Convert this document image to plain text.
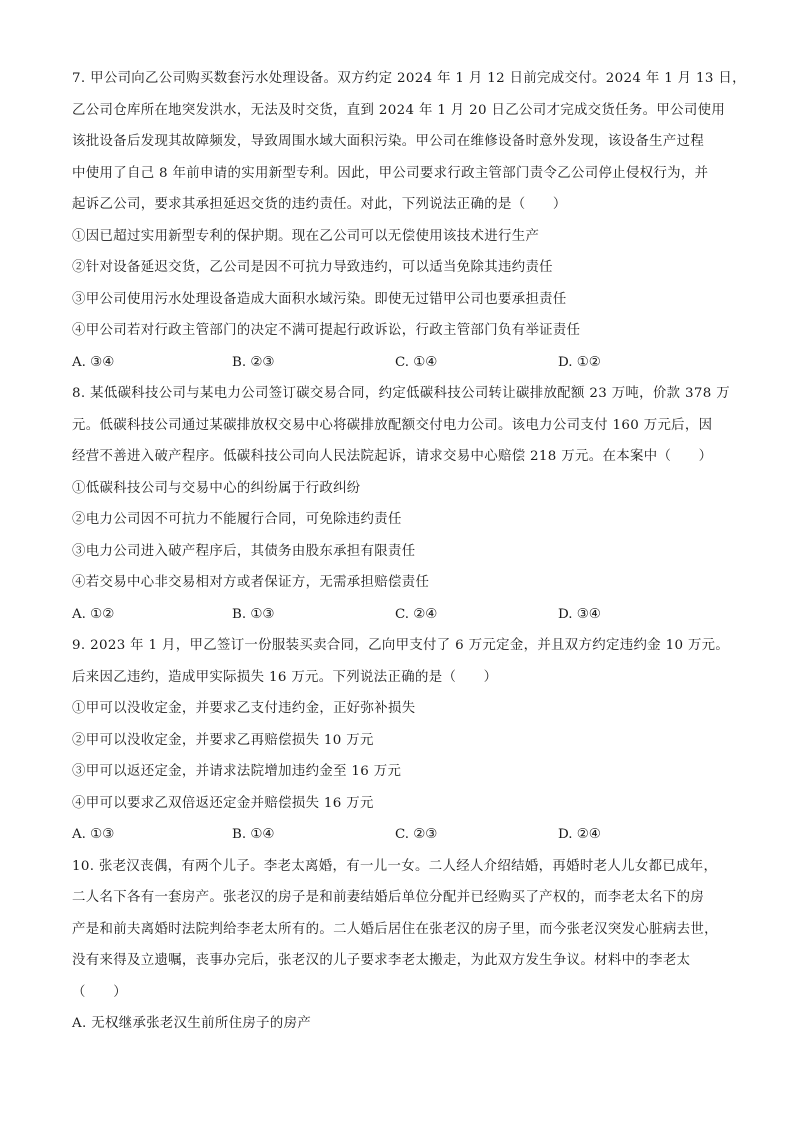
7. 甲公司向乙公司购买数套污水处理设备。双方约定 2024 年 1 月 12 日前完成交付。2024 年 1 月 13 日，
乙公司仓库所在地突发洪水，无法及时交货，直到 2024 年 1 月 20 日乙公司才完成交货任务。甲公司使用
该批设备后发现其故障频发，导致周围水域大面积污染。甲公司在维修设备时意外发现，该设备生产过程
中使用了自己 8 年前申请的实用新型专利。因此，甲公司要求行政主管部门责令乙公司停止侵权行为，并
起诉乙公司，要求其承担延迟交货的违约责任。对此，下列说法正确的是（　　）
①因已超过实用新型专利的保护期。现在乙公司可以无偿使用该技术进行生产
②针对设备延迟交货，乙公司是因不可抗力导致违约，可以适当免除其违约责任
③甲公司使用污水处理设备造成大面积水域污染。即使无过错甲公司也要承担责任
④甲公司若对行政主管部门的决定不满可提起行政诉讼，行政主管部门负有举证责任
A. ③④	B. ②③	C. ①④	D. ①②
8. 某低碳科技公司与某电力公司签订碳交易合同，约定低碳科技公司转让碳排放配额 23 万吨，价款 378 万
元。低碳科技公司通过某碳排放权交易中心将碳排放配额交付电力公司。该电力公司支付 160 万元后，因
经营不善进入破产程序。低碳科技公司向人民法院起诉，请求交易中心赔偿 218 万元。在本案中（　　）
①低碳科技公司与交易中心的纠纷属于行政纠纷
②电力公司因不可抗力不能履行合同，可免除违约责任
③电力公司进入破产程序后，其债务由股东承担有限责任
④若交易中心非交易相对方或者保证方，无需承担赔偿责任
A. ①②	B. ①③	C. ②④	D. ③④
9. 2023 年 1 月，甲乙签订一份服装买卖合同，乙向甲支付了 6 万元定金，并且双方约定违约金 10 万元。
后来因乙违约，造成甲实际损失 16 万元。下列说法正确的是（　　）
①甲可以没收定金，并要求乙支付违约金，正好弥补损失
②甲可以没收定金，并要求乙再赔偿损失 10 万元
③甲可以返还定金，并请求法院增加违约金至 16 万元
④甲可以要求乙双倍返还定金并赔偿损失 16 万元
A. ①③	B. ①④	C. ②③	D. ②④
10. 张老汉丧偶，有两个儿子。李老太离婚，有一儿一女。二人经人介绍结婚，再婚时老人儿女都已成年，
二人名下各有一套房产。张老汉的房子是和前妻结婚后单位分配并已经购买了产权的，而李老太名下的房
产是和前夫离婚时法院判给李老太所有的。二人婚后居住在张老汉的房子里，而今张老汉突发心脏病去世，
没有来得及立遗嘱，丧事办完后，张老汉的儿子要求李老太搬走，为此双方发生争议。材料中的李老太
（　　）
A. 无权继承张老汉生前所住房子的房产
